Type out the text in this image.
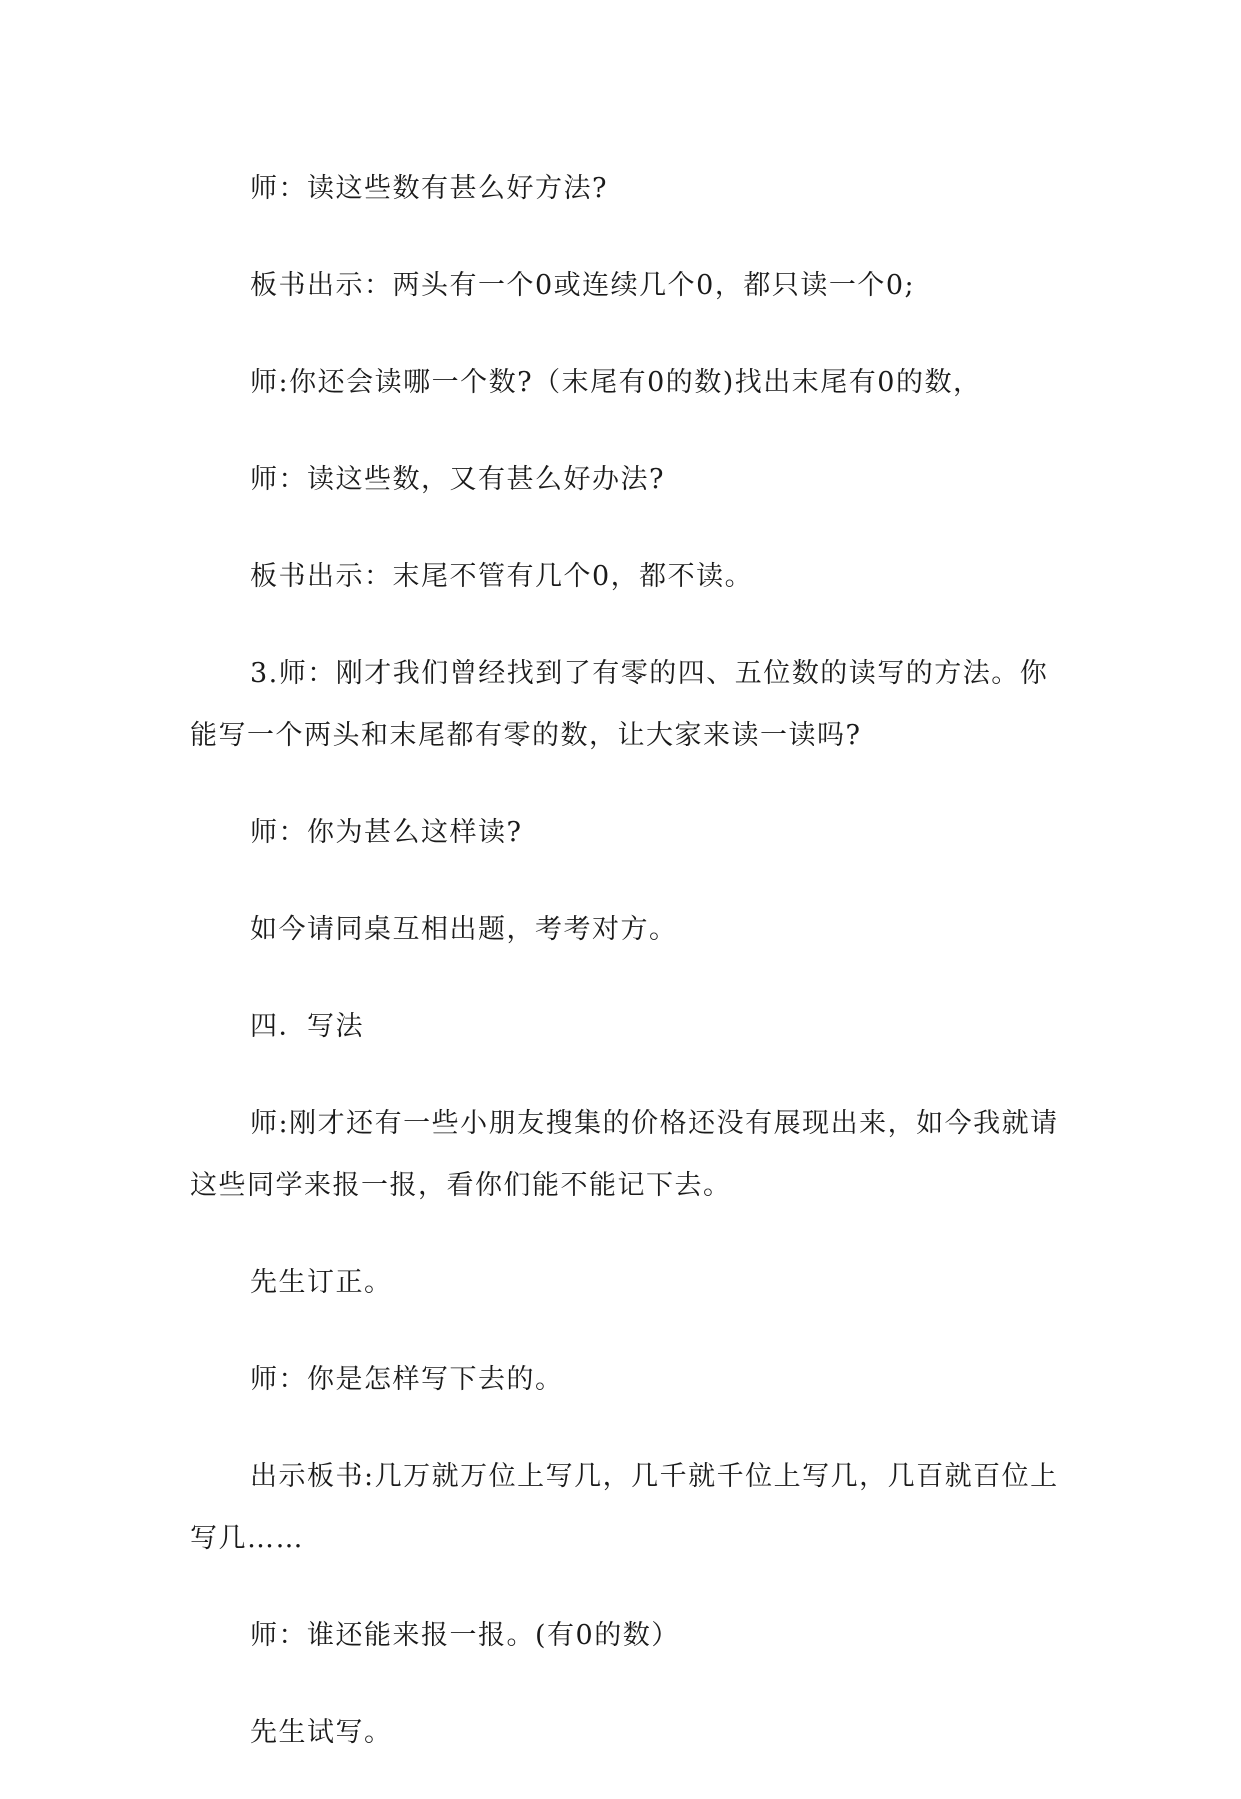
师：读这些数有甚么好方法?

板书出示：两头有一个0或连续几个0，都只读一个0;

师:你还会读哪一个数?（末尾有0的数)找出末尾有0的数，

师：读这些数，又有甚么好办法?

板书出示：末尾不管有几个0，都不读。

3.师：刚才我们曾经找到了有零的四、五位数的读写的方法。你能写一个两头和末尾都有零的数，让大家来读一读吗?

师：你为甚么这样读?

如今请同桌互相出题，考考对方。

四．写法

师:刚才还有一些小朋友搜集的价格还没有展现出来，如今我就请这些同学来报一报，看你们能不能记下去。

先生订正。

师：你是怎样写下去的。

出示板书:几万就万位上写几，几千就千位上写几，几百就百位上写几……

师：谁还能来报一报。(有0的数）

先生试写。
